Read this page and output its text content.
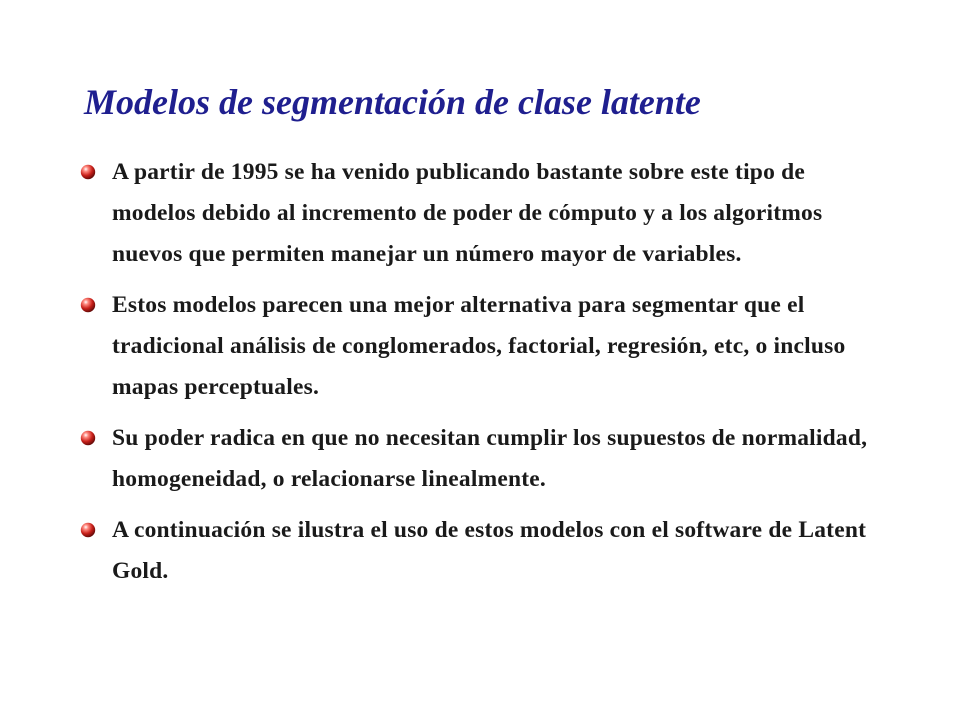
Modelos de segmentación de clase latente
A partir de 1995 se ha venido publicando bastante sobre este tipo de modelos debido al incremento de poder de cómputo y a los algoritmos nuevos que permiten manejar un número mayor de variables.
Estos modelos parecen una mejor alternativa para segmentar que el tradicional análisis de conglomerados, factorial, regresión, etc, o incluso mapas perceptuales.
Su poder radica en que no necesitan cumplir los supuestos de normalidad, homogeneidad, o relacionarse linealmente.
A continuación se ilustra el uso de estos modelos con el software de Latent Gold.
